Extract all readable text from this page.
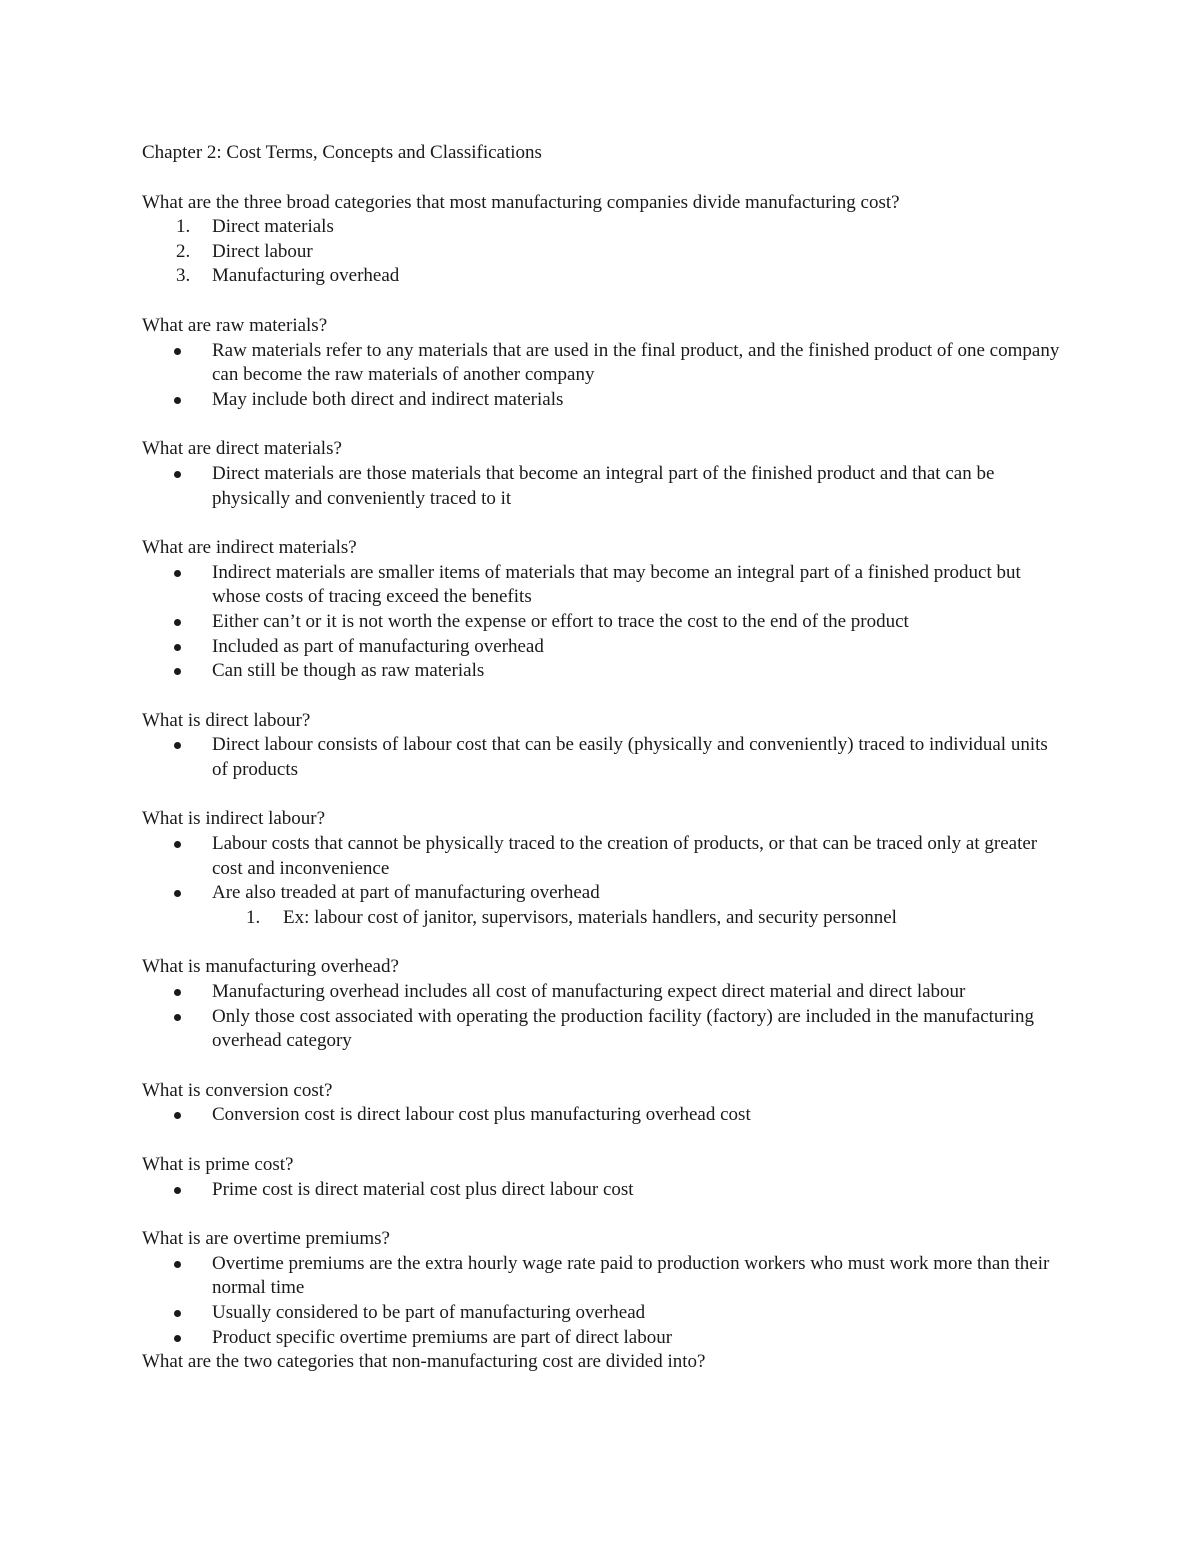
Chapter 2: Cost Terms, Concepts and Classifications
What are the three broad categories that most manufacturing companies divide manufacturing cost?
1.	Direct materials
2.	Direct labour
3.	Manufacturing overhead
What are raw materials?
Raw materials refer to any materials that are used in the final product, and the finished product of one company can become the raw materials of another company
May include both direct and indirect materials
What are direct materials?
Direct materials are those materials that become an integral part of the finished product and that can be physically and conveniently traced to it
What are indirect materials?
Indirect materials are smaller items of materials that may become an integral part of a finished product but whose costs of tracing exceed the benefits
Either can’t or it is not worth the expense or effort to trace the cost to the end of the product
Included as part of manufacturing overhead
Can still be though as raw materials
What is direct labour?
Direct labour consists of labour cost that can be easily (physically and conveniently) traced to individual units of products
What is indirect labour?
Labour costs that cannot be physically traced to the creation of products, or that can be traced only at greater cost and inconvenience
Are also treaded at part of manufacturing overhead
1.	Ex: labour cost of janitor, supervisors, materials handlers, and security personnel
What is manufacturing overhead?
Manufacturing overhead includes all cost of manufacturing expect direct material and direct labour
Only those cost associated with operating the production facility (factory) are included in the manufacturing overhead category
What is conversion cost?
Conversion cost is direct labour cost plus manufacturing overhead cost
What is prime cost?
Prime cost is direct material cost plus direct labour cost
What is are overtime premiums?
Overtime premiums are the extra hourly wage rate paid to production workers who must work more than their normal time
Usually considered to be part of manufacturing overhead
Product specific overtime premiums are part of direct labour
What are the two categories that non-manufacturing cost are divided into?
